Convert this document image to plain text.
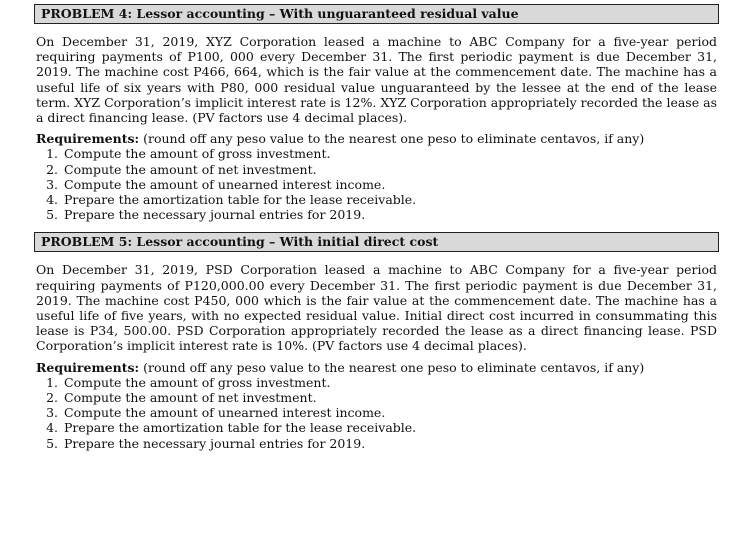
PROBLEM 4: Lessor accounting – With unguaranteed residual value

On December 31, 2019, XYZ Corporation leased a machine to ABC Company for a five-year period requiring payments of P100, 000 every December 31. The first periodic payment is due December 31, 2019. The machine cost P466, 664, which is the fair value at the commencement date. The machine has a useful life of six years with P80, 000 residual value unguaranteed by the lessee at the end of the lease term. XYZ Corporation’s implicit interest rate is 12%. XYZ Corporation appropriately recorded the lease as a direct financing lease. (PV factors use 4 decimal places).

Requirements: (round off any peso value to the nearest one peso to eliminate centavos, if any)
1. Compute the amount of gross investment.
2. Compute the amount of net investment.
3. Compute the amount of unearned interest income.
4. Prepare the amortization table for the lease receivable.
5. Prepare the necessary journal entries for 2019.
PROBLEM 5: Lessor accounting – With initial direct cost

On December 31, 2019, PSD Corporation leased a machine to ABC Company for a five-year period requiring payments of P120,000.00 every December 31. The first periodic payment is due December 31, 2019. The machine cost P450, 000 which is the fair value at the commencement date. The machine has a useful life of five years, with no expected residual value. Initial direct cost incurred in consummating this lease is P34, 500.00. PSD Corporation appropriately recorded the lease as a direct financing lease. PSD Corporation’s implicit interest rate is 10%. (PV factors use 4 decimal places).

Requirements: (round off any peso value to the nearest one peso to eliminate centavos, if any)
1. Compute the amount of gross investment.
2. Compute the amount of net investment.
3. Compute the amount of unearned interest income.
4. Prepare the amortization table for the lease receivable.
5. Prepare the necessary journal entries for 2019.
